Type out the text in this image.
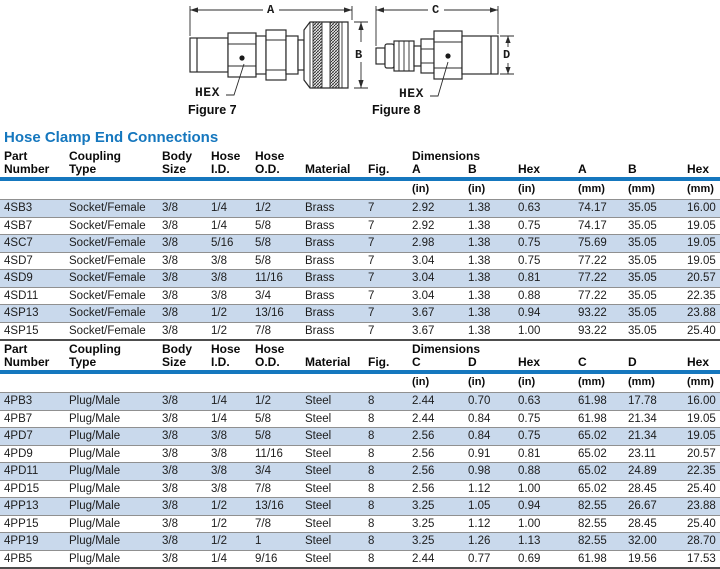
A
B
HEX
Figure 7
C
D
HEX
Figure 8
Hose Clamp End Connections
Part	Coupling	Body	Hose	Hose			Dimensions					
Number	Type	Size	I.D.	O.D.	Material	Fig.	A	B	Hex	A	B	Hex
							(in)	(in)	(in)	(mm)	(mm)	(mm)
4SB3	Socket/Female	3/8	1/4	1/2	Brass	7	2.92	1.38	0.63	74.17	35.05	16.00
4SB7	Socket/Female	3/8	1/4	5/8	Brass	7	2.92	1.38	0.75	74.17	35.05	19.05
4SC7	Socket/Female	3/8	5/16	5/8	Brass	7	2.98	1.38	0.75	75.69	35.05	19.05
4SD7	Socket/Female	3/8	3/8	5/8	Brass	7	3.04	1.38	0.75	77.22	35.05	19.05
4SD9	Socket/Female	3/8	3/8	11/16	Brass	7	3.04	1.38	0.81	77.22	35.05	20.57
4SD11	Socket/Female	3/8	3/8	3/4	Brass	7	3.04	1.38	0.88	77.22	35.05	22.35
4SP13	Socket/Female	3/8	1/2	13/16	Brass	7	3.67	1.38	0.94	93.22	35.05	23.88
4SP15	Socket/Female	3/8	1/2	7/8	Brass	7	3.67	1.38	1.00	93.22	35.05	25.40
Part	Coupling	Body	Hose	Hose			Dimensions					
Number	Type	Size	I.D.	O.D.	Material	Fig.	C	D	Hex	C	D	Hex
							(in)	(in)	(in)	(mm)	(mm)	(mm)
4PB3	Plug/Male	3/8	1/4	1/2	Steel	8	2.44	0.70	0.63	61.98	17.78	16.00
4PB7	Plug/Male	3/8	1/4	5/8	Steel	8	2.44	0.84	0.75	61.98	21.34	19.05
4PD7	Plug/Male	3/8	3/8	5/8	Steel	8	2.56	0.84	0.75	65.02	21.34	19.05
4PD9	Plug/Male	3/8	3/8	11/16	Steel	8	2.56	0.91	0.81	65.02	23.11	20.57
4PD11	Plug/Male	3/8	3/8	3/4	Steel	8	2.56	0.98	0.88	65.02	24.89	22.35
4PD15	Plug/Male	3/8	3/8	7/8	Steel	8	2.56	1.12	1.00	65.02	28.45	25.40
4PP13	Plug/Male	3/8	1/2	13/16	Steel	8	3.25	1.05	0.94	82.55	26.67	23.88
4PP15	Plug/Male	3/8	1/2	7/8	Steel	8	3.25	1.12	1.00	82.55	28.45	25.40
4PP19	Plug/Male	3/8	1/2	1	Steel	8	3.25	1.26	1.13	82.55	32.00	28.70
4PB5	Plug/Male	3/8	1/4	9/16	Steel	8	2.44	0.77	0.69	61.98	19.56	17.53
